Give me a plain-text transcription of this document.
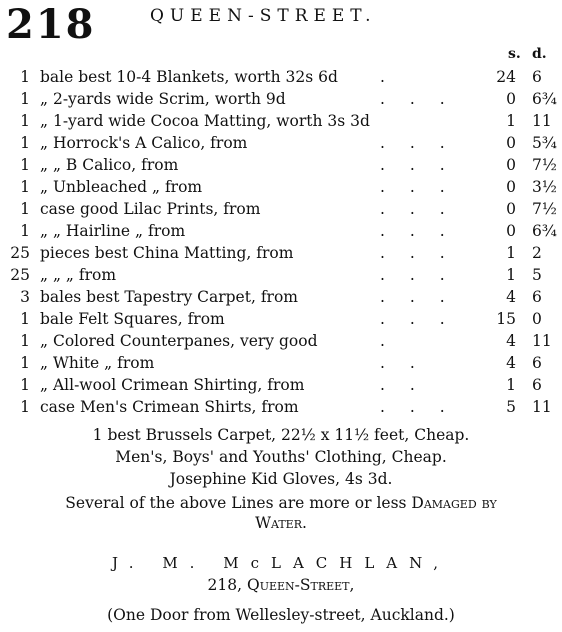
218	QUEEN-STREET.
s. d.
1 bale best 10-4 Blankets, worth 32s 6d	.	24 6
1 „ 2-yards wide Scrim, worth 9d	. . .	0 6¾
1 „ 1-yard wide Cocoa Matting, worth 3s 3d	1 11
1 „ Horrock's A Calico, from	. . .	0 5¾
1 „ „ B Calico, from	. . .	0 7½
1 „ Unbleached „ from	. . .	0 3½
1 case good Lilac Prints, from	. . .	0 7½
1 „ „ Hairline „ from	. . .	0 6¾
25 pieces best China Matting, from	. . .	1 2
25 „ „ „ from	. . .	1 5
3 bales best Tapestry Carpet, from	. . .	4 6
1 bale Felt Squares, from	. . .	15 0
1 „ Colored Counterpanes, very good	.	4 11
1 „ White „ from	. .	4 6
1 „ All-wool Crimean Shirting, from	. .	1 6
1 case Men's Crimean Shirts, from	. . .	5 11
1 best Brussels Carpet, 22½ x 11½ feet, Cheap.
Men's, Boys' and Youths' Clothing, Cheap.
Josephine Kid Gloves, 4s 3d.
Several of the above Lines are more or less Damaged by
Water.
J. M. McLACHLAN,
218, Queen-Street,
(One Door from Wellesley-street, Auckland.)
